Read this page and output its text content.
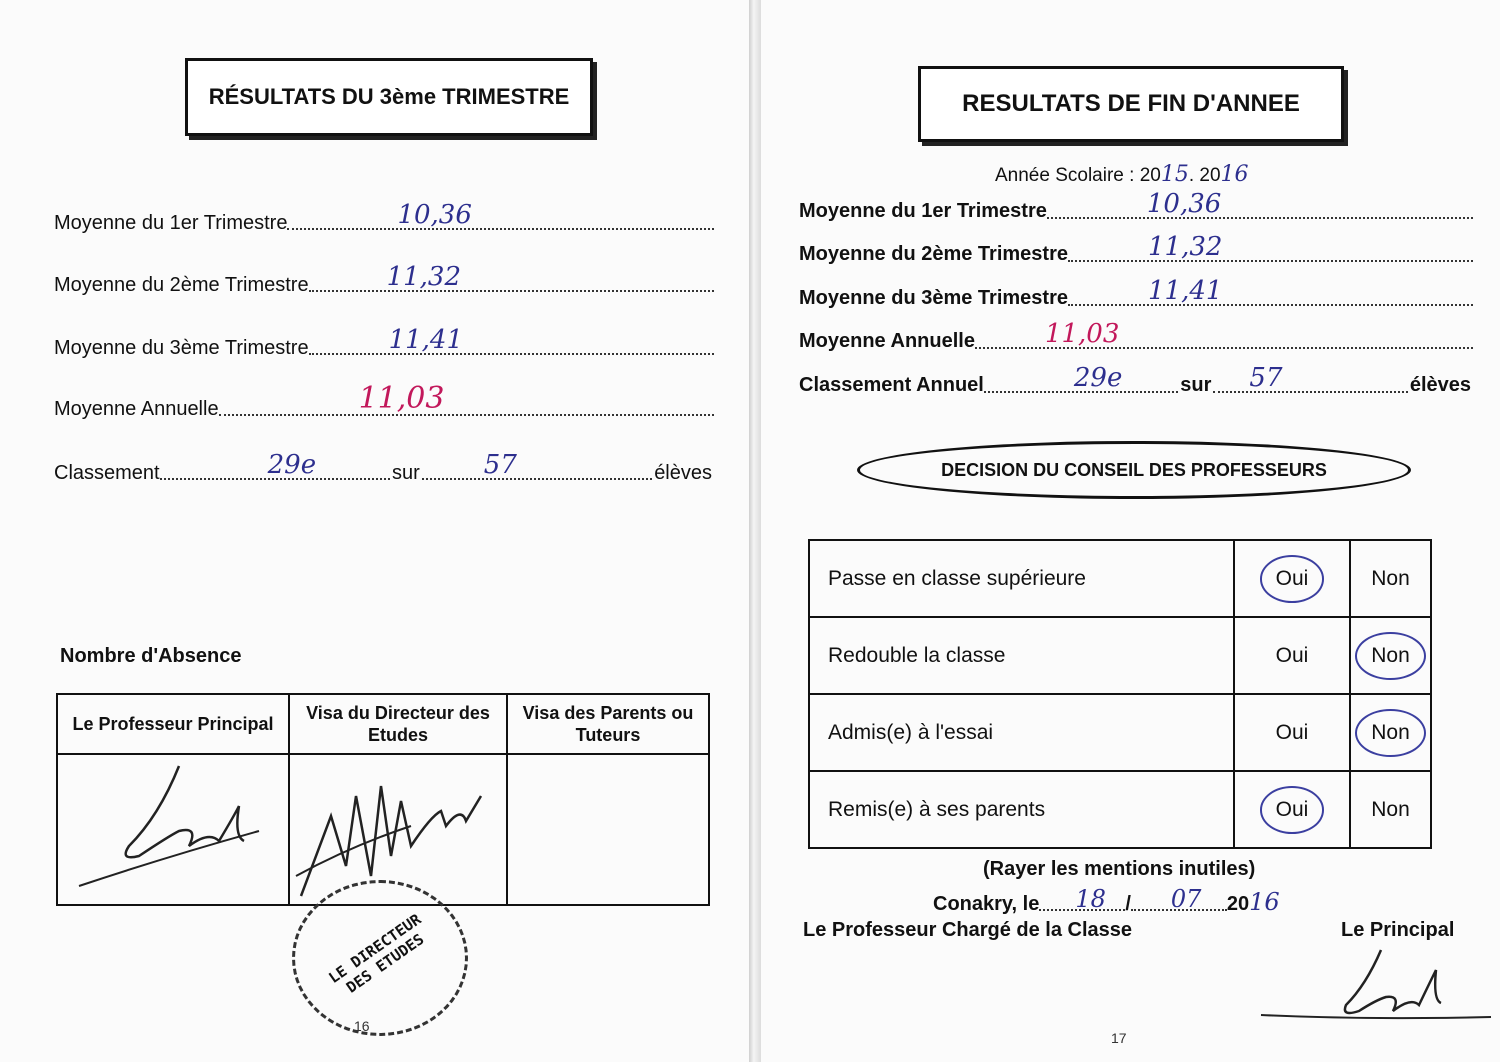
RÉSULTATS DU 3ème TRIMESTRE
Moyenne du 1er Trimestre	10,36
Moyenne du 2ème Trimestre	11,32
Moyenne du 3ème Trimestre	11,41
Moyenne Annuelle	11,03
Classement	29e	sur 57	élèves
Nombre d'Absence
Le Professeur Principal	Visa du Directeur des Etudes	Visa des Parents ou Tuteurs

LE DIRECTEUR DES ETUDES
16
RESULTATS DE FIN D'ANNEE
Année Scolaire : 2015. 2016
Moyenne du 1er Trimestre	10,36
Moyenne du 2ème Trimestre	11,32
Moyenne du 3ème Trimestre	11,41
Moyenne Annuelle	11,03
Classement Annuel	29e	sur 57	élèves
DECISION DU CONSEIL DES PROFESSEURS
Passe en classe supérieure	Oui	Non
Redouble la classe	Oui	Non
Admis(e) à l'essai	Oui	Non
Remis(e) à ses parents	Oui	Non
(Rayer les mentions inutiles)
Conakry, le 18 / 07 20 16
Le Professeur Chargé de la Classe	Le Principal
17
